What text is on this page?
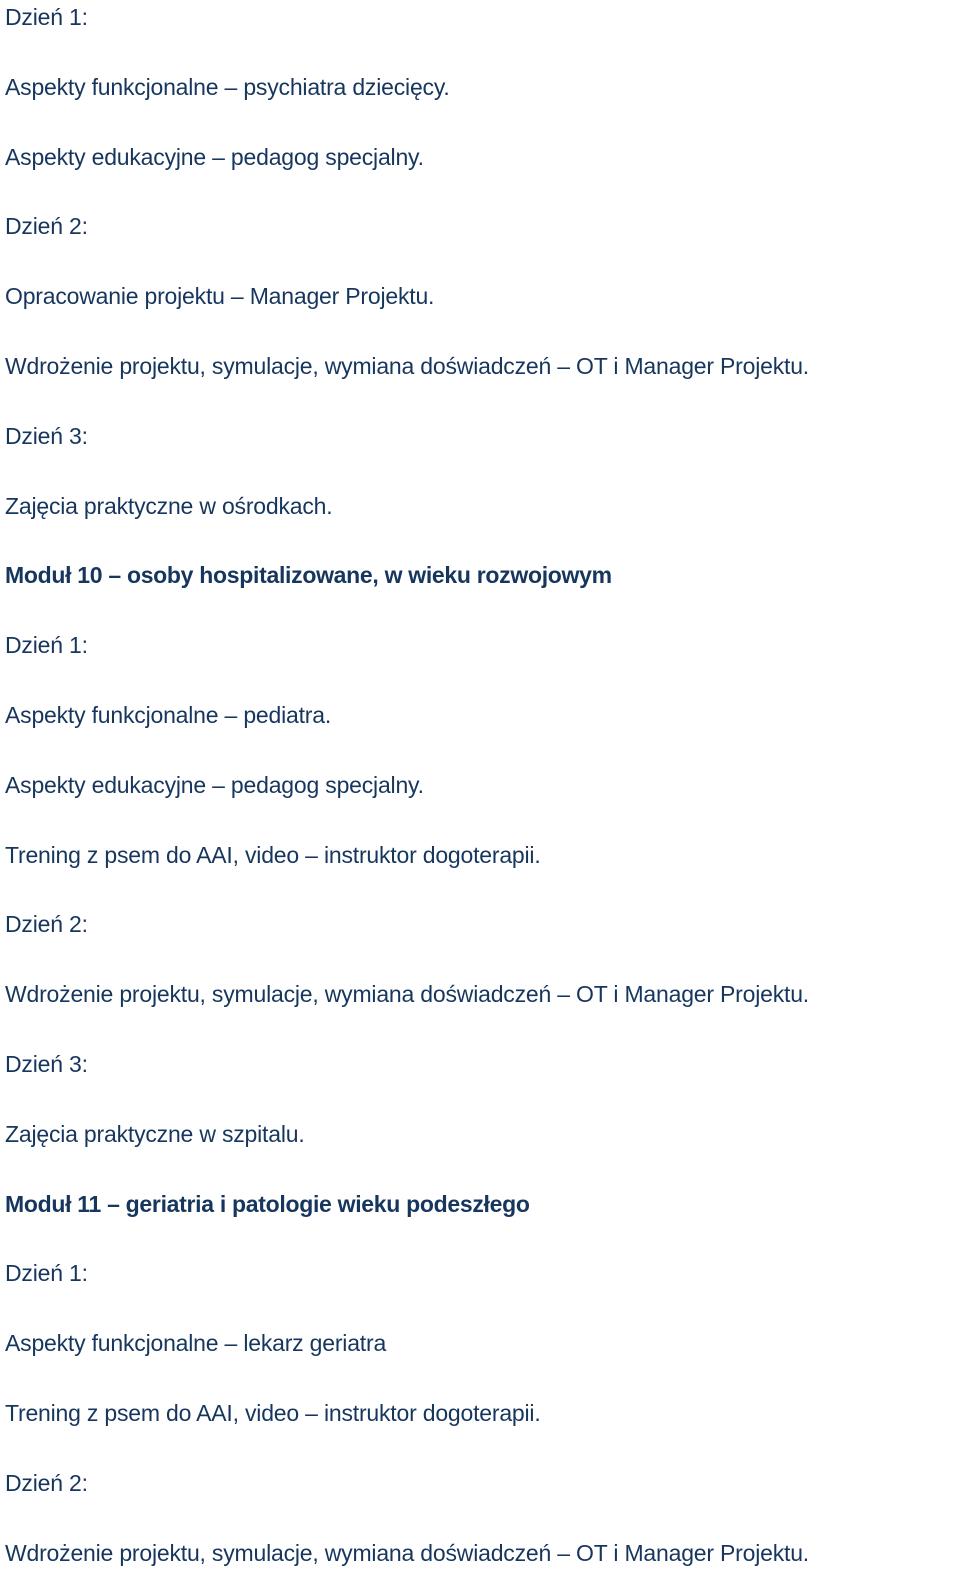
Dzień 1:
Aspekty funkcjonalne – psychiatra dziecięcy.
Aspekty edukacyjne – pedagog specjalny.
Dzień 2:
Opracowanie projektu – Manager Projektu.
Wdrożenie projektu, symulacje, wymiana doświadczeń – OT i Manager Projektu.
Dzień 3:
Zajęcia praktyczne w ośrodkach.
Moduł 10 – osoby hospitalizowane, w wieku rozwojowym
Dzień 1:
Aspekty funkcjonalne – pediatra.
Aspekty edukacyjne – pedagog specjalny.
Trening z psem do AAI, video – instruktor dogoterapii.
Dzień 2:
Wdrożenie projektu, symulacje, wymiana doświadczeń – OT i Manager Projektu.
Dzień 3:
Zajęcia praktyczne w szpitalu.
Moduł 11 – geriatria i patologie wieku podeszłego
Dzień 1:
Aspekty funkcjonalne – lekarz geriatra
Trening z psem do AAI, video – instruktor dogoterapii.
Dzień 2:
Wdrożenie projektu, symulacje, wymiana doświadczeń – OT i Manager Projektu.
